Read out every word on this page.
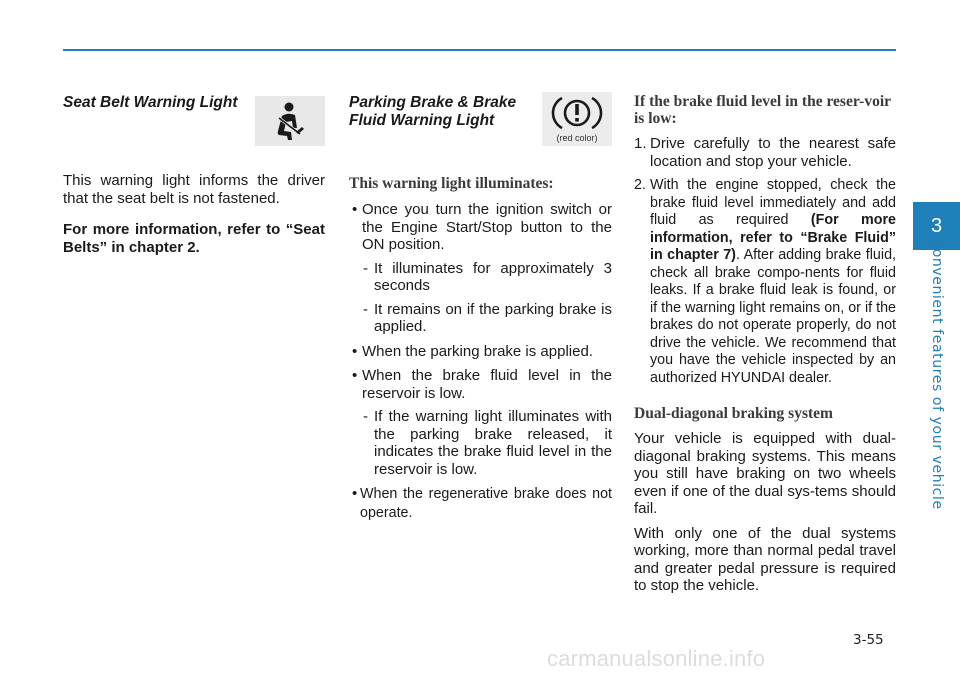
Seat Belt Warning Light

This warning light informs the driver that the seat belt is not fastened.

For more information, refer to “Seat Belts” in chapter 2.

Parking Brake & Brake
Fluid Warning Light
(red color)
This warning light illuminates:
• Once you turn the ignition switch or the Engine Start/Stop button to the ON position.
- It illuminates for approximately 3 seconds
- It remains on if the parking brake is applied.
• When the parking brake is applied.
• When the brake fluid level in the reservoir is low.
- If the warning light illuminates with the parking brake released, it indicates the brake fluid level in the reservoir is low.
• When the regenerative brake does not operate.
If the brake fluid level in the reser-voir is low:
1. Drive carefully to the nearest safe location and stop your vehicle.
2. With the engine stopped, check the brake fluid level immediately and add fluid as required (For more information, refer to “Brake Fluid” in chapter 7). After adding brake fluid, check all brake compo-nents for fluid leaks. If a brake fluid leak is found, or if the warning light remains on, or if the brakes do not operate properly, do not drive the vehicle. We recommend that you have the vehicle inspected by an authorized HYUNDAI dealer.
Dual-diagonal braking system

Your vehicle is equipped with dual-diagonal braking systems. This means you still have braking on two wheels even if one of the dual sys-tems should fail.

With only one of the dual systems working, more than normal pedal travel and greater pedal pressure is required to stop the vehicle.

3
Convenient features of your vehicle
3-55
carmanualsonline.info
